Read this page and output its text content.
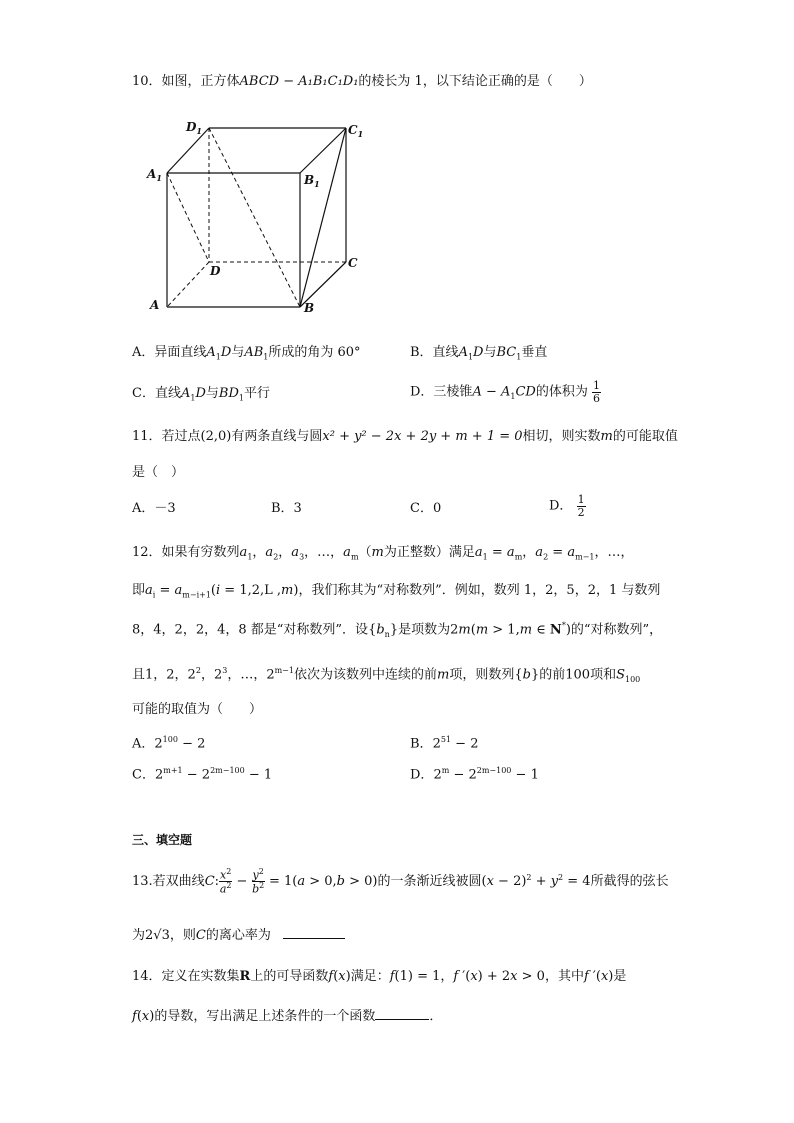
10．如图，正方体ABCD − A₁B₁C₁D₁的棱长为 1，以下结论正确的是（　　）
$D_1$	$C_1$
$A_1$	$B_1$
D
C
A	B
A．异面直线$A_1D$与$AB_1$所成的角为 60°	B．直线$A_1D$与$BC_1$垂直
C．直线$A_1D$与$BD_1$平行	D．三棱锥$A - A_1CD$的体积为 $\frac{1}{6}$
11．若过点(2,0)有两条直线与圆x² + y² − 2x + 2y + m + 1 = 0相切，则实数m的可能取值
是（　）
A．－3	B．3	C．0	D． $\frac{1}{2}$
12．如果有穷数列$a_1$，$a_2$，$a_3$，…，$a_m(m$为正整数）满足$a_1 = a_m$，$a_2 = a_{m-1}$，…，
即$a_i = a_{m-i+1}(i = 1,2,L$ ,m)，我们称其为“对称数列”．例如，数列 1，2，5，2，1 与数列
8，4，2，2，4，8 都是“对称数列”．设$\{b_n\}$是项数为2m(m > 1,m ∈ N*)的“对称数列”，
且1，2，$2^2$，$2^3$，…，$2^{m-1}$依次为该数列中连续的前m项，则数列{b}的前100项和$S_{100}$
可能的取值为（　　）
A．$2^{100} - 2$	B．$2^{51} - 2$
C．$2^{m+1} - 2^{2m-100} - 1$	D．$2^m - 2^{2m-100} - 1$
三、填空题
13.若双曲线C: $\frac{x^2}{a^2} - \frac{y^2}{b^2} = 1(a > 0,b > 0)$的一条渐近线被圆$(x - 2)^2 + y^2 = 4$所截得的弦长
为2√3，则C的离心率为
14．定义在实数集R上的可导函数f(x)满足：f(1) = 1，f ′(x) + 2x > 0，其中f ′(x)是
f(x)的导数，写出满足上述条件的一个函数	．
